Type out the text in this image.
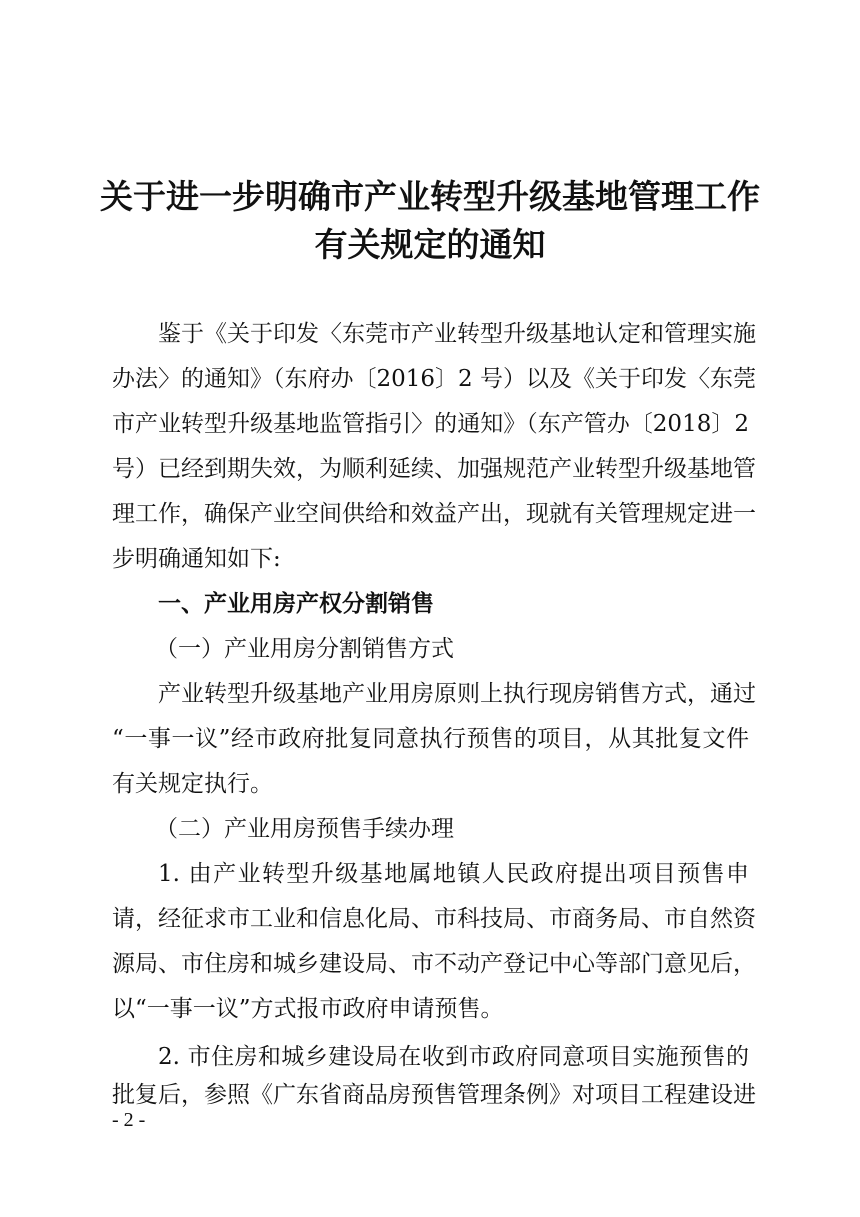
关于进一步明确市产业转型升级基地管理工作
有关规定的通知
鉴于《关于印发〈东莞市产业转型升级基地认定和管理实施
办法〉的通知》（东府办〔2016〕2 号）以及《关于印发〈东莞
市产业转型升级基地监管指引〉的通知》（东产管办〔2018〕2
号）已经到期失效，为顺利延续、加强规范产业转型升级基地管
理工作，确保产业空间供给和效益产出，现就有关管理规定进一
步明确通知如下:
一、产业用房产权分割销售
（一）产业用房分割销售方式
产业转型升级基地产业用房原则上执行现房销售方式，通过
“一事一议”经市政府批复同意执行预售的项目，从其批复文件
有关规定执行。
（二）产业用房预售手续办理
1. 由产业转型升级基地属地镇人民政府提出项目预售申
请，经征求市工业和信息化局、市科技局、市商务局、市自然资
源局、市住房和城乡建设局、市不动产登记中心等部门意见后，
以“一事一议”方式报市政府申请预售。
2. 市住房和城乡建设局在收到市政府同意项目实施预售的
批复后，参照《广东省商品房预售管理条例》对项目工程建设进
- 2 -
